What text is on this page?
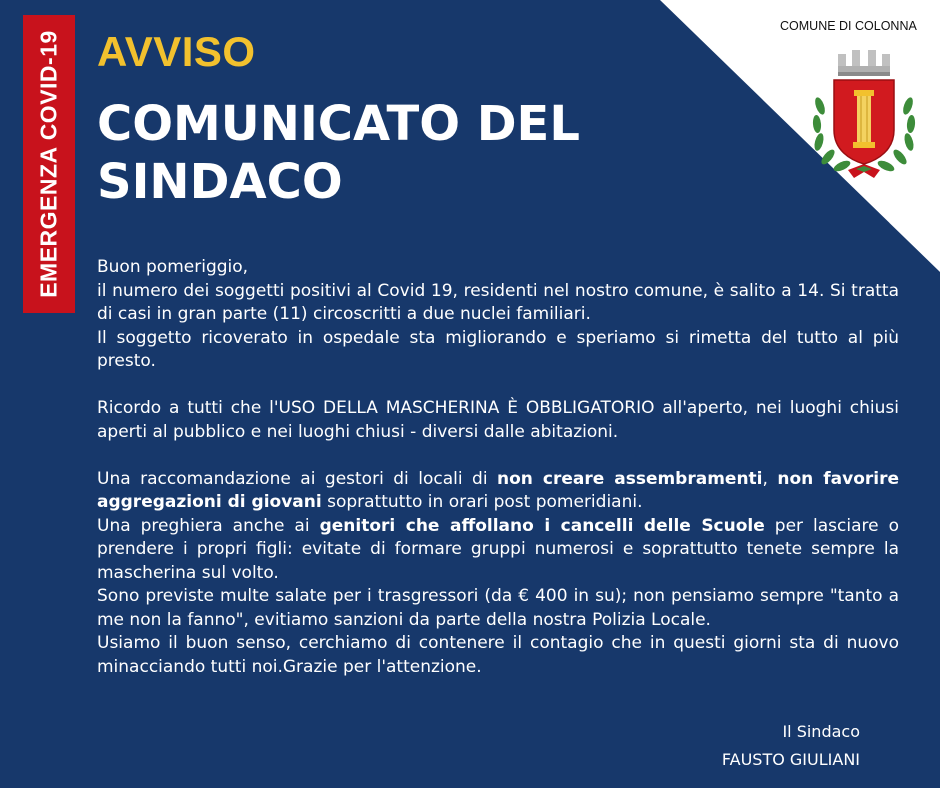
EMERGENZA COVID-19 AVVISO
COMUNICATO DEL SINDACO
COMUNE DI COLONNA

Buon pomeriggio,

il numero dei soggetti positivi al Covid 19, residenti nel nostro comune, è salito a 14. Si tratta di casi in gran parte (11) circoscritti a due nuclei familiari.

Il soggetto ricoverato in ospedale sta migliorando e speriamo si rimetta del tutto al più presto.

Ricordo a tutti che l'USO DELLA MASCHERINA È OBBLIGATORIO all'aperto, nei luoghi chiusi aperti al pubblico e nei luoghi chiusi - diversi dalle abitazioni.

Una raccomandazione ai gestori di locali di non creare assembramenti, non favorire aggregazioni di giovani soprattutto in orari post pomeridiani.

Una preghiera anche ai genitori che affollano i cancelli delle Scuole per lasciare o prendere i propri figli: evitate di formare gruppi numerosi e soprattutto tenete sempre la mascherina sul volto.

Sono previste multe salate per i trasgressori (da € 400 in su); non pensiamo sempre "tanto a me non la fanno", evitiamo sanzioni da parte della nostra Polizia Locale.

Usiamo il buon senso, cerchiamo di contenere il contagio che in questi giorni sta di nuovo minacciando tutti noi.Grazie per l'attenzione.

Il Sindaco
FAUSTO GIULIANI
